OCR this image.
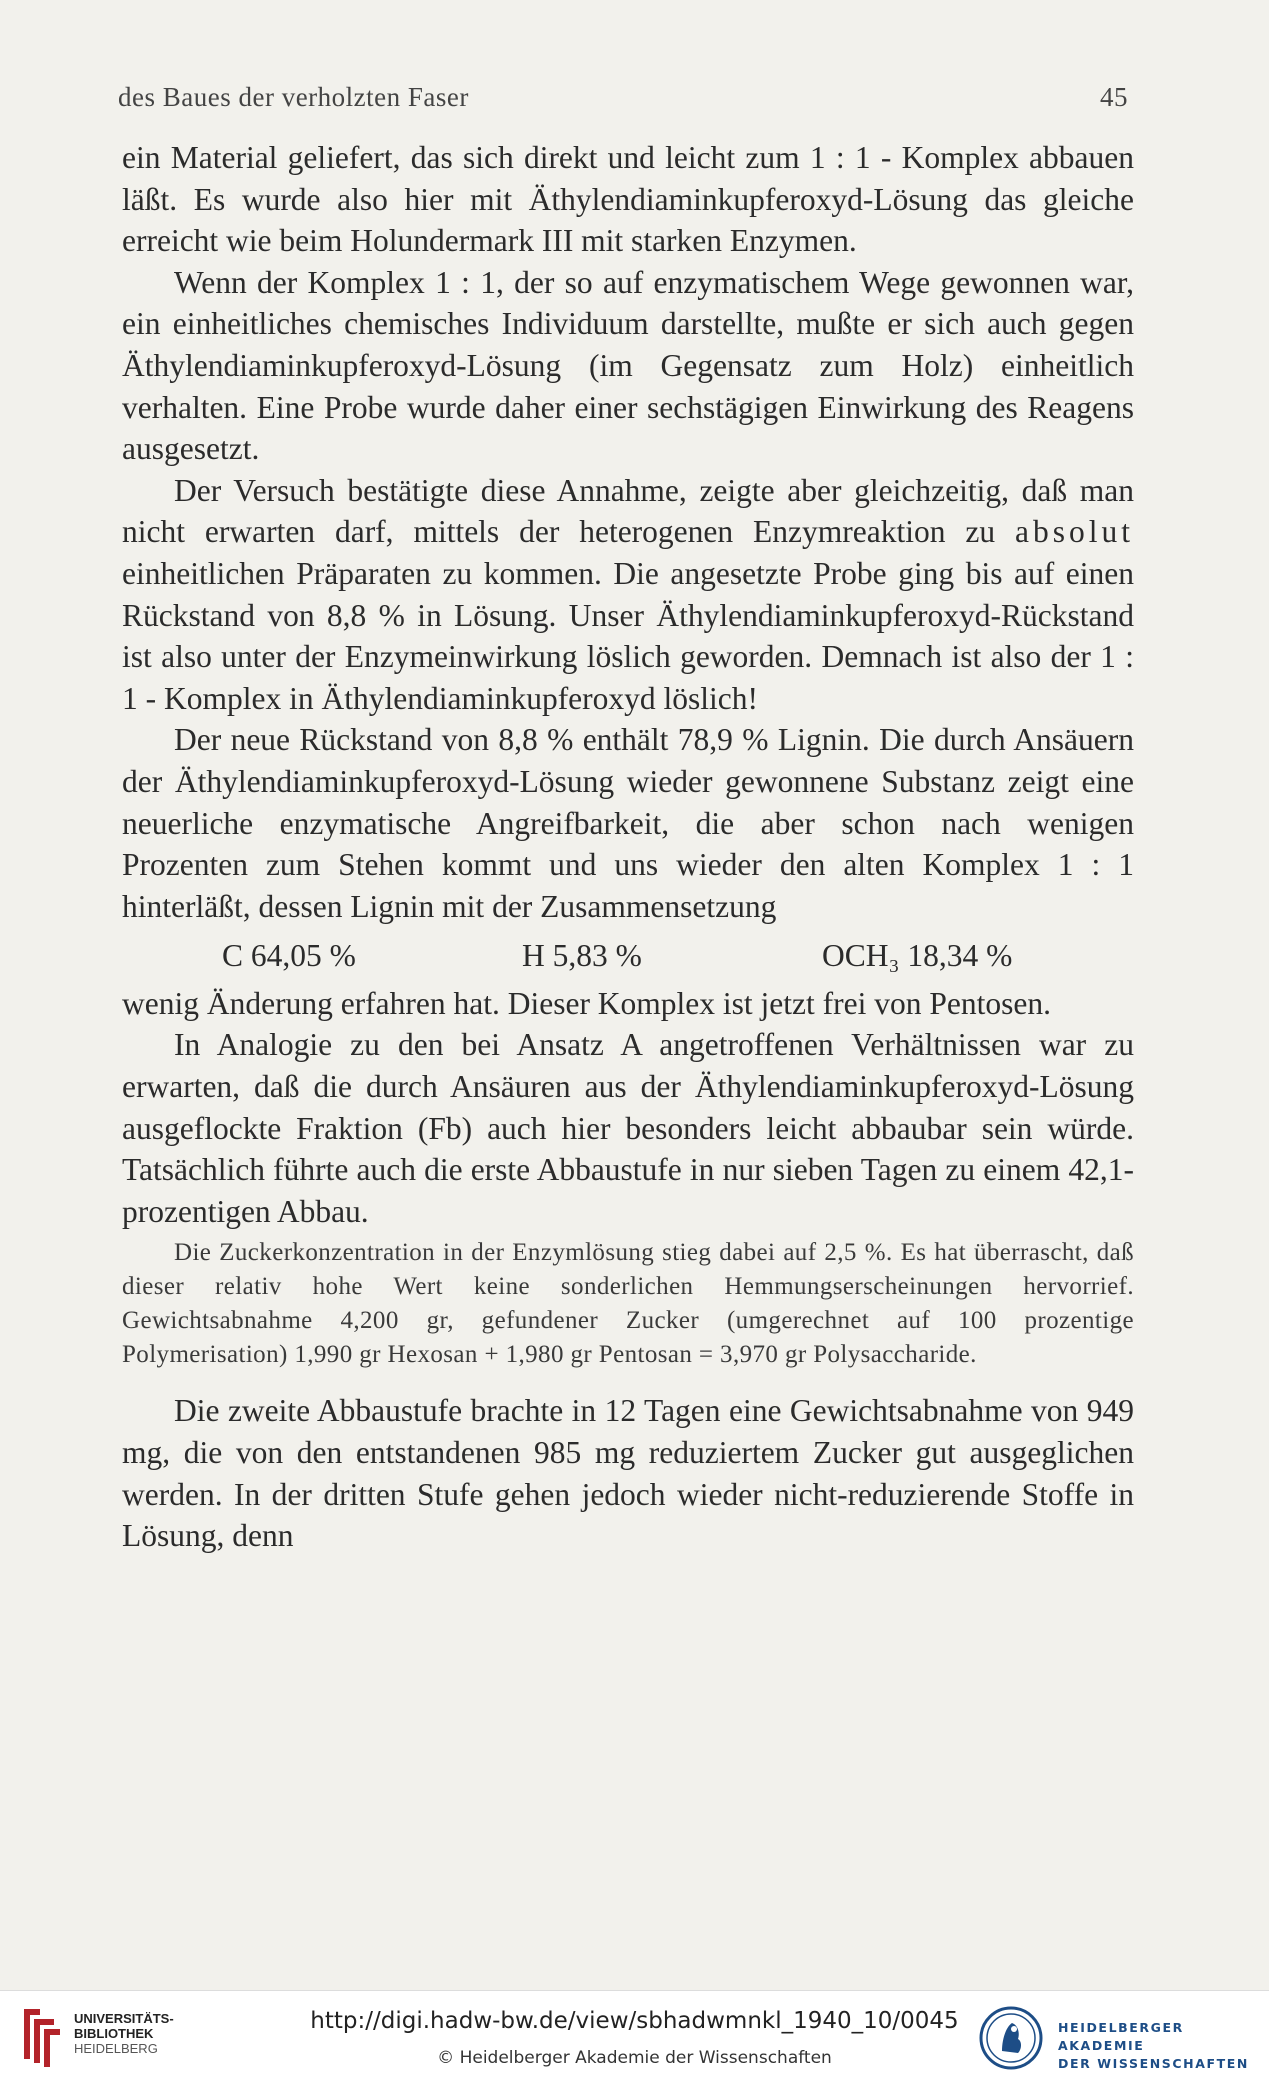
des Baues der verholzten Faser	45

ein Material geliefert, das sich direkt und leicht zum 1 : 1 - Komplex abbauen läßt. Es wurde also hier mit Äthylendiaminkupferoxyd-Lösung das gleiche erreicht wie beim Holundermark III mit starken Enzymen.

Wenn der Komplex 1 : 1, der so auf enzymatischem Wege gewonnen war, ein einheitliches chemisches Individuum darstellte, mußte er sich auch gegen Äthylendiaminkupferoxyd-Lösung (im Gegensatz zum Holz) einheitlich verhalten. Eine Probe wurde daher einer sechstägigen Einwirkung des Reagens ausgesetzt.

Der Versuch bestätigte diese Annahme, zeigte aber gleichzeitig, daß man nicht erwarten darf, mittels der heterogenen Enzymreaktion zu absolut einheitlichen Präparaten zu kommen. Die angesetzte Probe ging bis auf einen Rückstand von 8,8 % in Lösung. Unser Äthylendiaminkupferoxyd-Rückstand ist also unter der Enzymeinwirkung löslich geworden. Demnach ist also der 1 : 1 - Komplex in Äthylendiaminkupferoxyd löslich!

Der neue Rückstand von 8,8 % enthält 78,9 % Lignin. Die durch Ansäuern der Äthylendiaminkupferoxyd-Lösung wieder gewonnene Substanz zeigt eine neuerliche enzymatische Angreifbarkeit, die aber schon nach wenigen Prozenten zum Stehen kommt und uns wieder den alten Komplex 1 : 1 hinterläßt, dessen Lignin mit der Zusammensetzung

C 64,05 %	H 5,83 %	OCH₃ 18,34 %

wenig Änderung erfahren hat. Dieser Komplex ist jetzt frei von Pentosen.

In Analogie zu den bei Ansatz A angetroffenen Verhältnissen war zu erwarten, daß die durch Ansäuren aus der Äthylendiaminkupferoxyd-Lösung ausgeflockte Fraktion (Fb) auch hier besonders leicht abbaubar sein würde. Tatsächlich führte auch die erste Abbaustufe in nur sieben Tagen zu einem 42,1-prozentigen Abbau.

Die Zuckerkonzentration in der Enzymlösung stieg dabei auf 2,5 %. Es hat überrascht, daß dieser relativ hohe Wert keine sonderlichen Hemmungserscheinungen hervorrief. Gewichtsabnahme 4,200 gr, gefundener Zucker (umgerechnet auf 100 prozentige Polymerisation) 1,990 gr Hexosan + 1,980 gr Pentosan = 3,970 gr Polysaccharide.

Die zweite Abbaustufe brachte in 12 Tagen eine Gewichtsabnahme von 949 mg, die von den entstandenen 985 mg reduziertem Zucker gut ausgeglichen werden. In der dritten Stufe gehen jedoch wieder nicht-reduzierende Stoffe in Lösung, denn

UNIVERSITÄTS-
BIBLIOTHEK
HEIDELBERG
http://digi.hadw-bw.de/view/sbhadwmnkl_1940_10/0045
© Heidelberger Akademie der Wissenschaften
HEIDELBERGER AKADEMIE
DER WISSENSCHAFTEN
